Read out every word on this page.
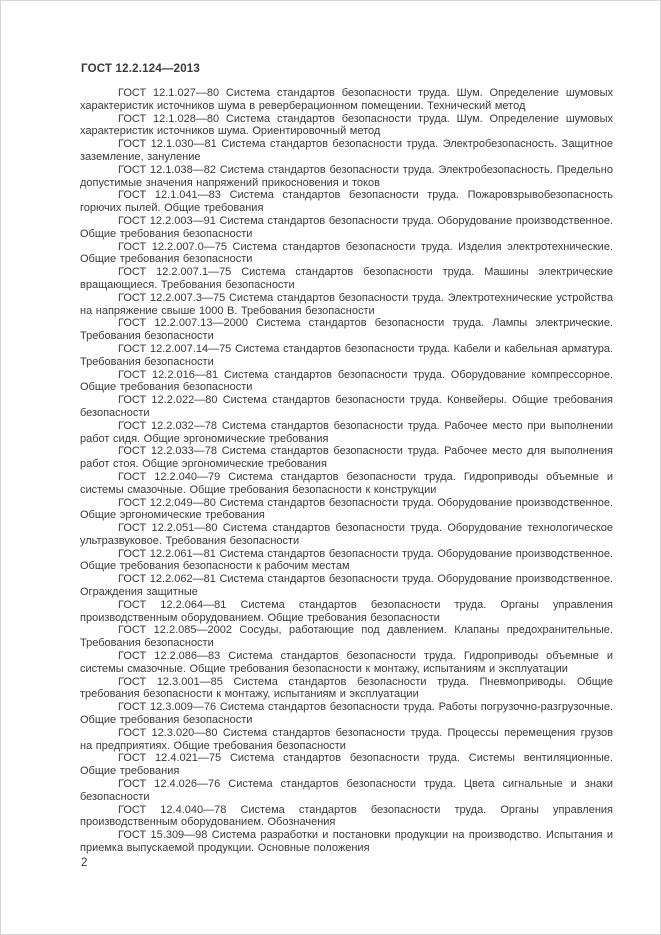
ГОСТ 12.2.124—2013

ГОСТ 12.1.027—80 Система стандартов безопасности труда. Шум. Определение шумовых характеристик источников шума в реверберационном помещении. Технический метод

ГОСТ 12.1.028—80 Система стандартов безопасности труда. Шум. Определение шумовых характеристик источников шума. Ориентировочный метод

ГОСТ 12.1.030—81 Система стандартов безопасности труда. Электробезопасность. Защитное заземление, зануление

ГОСТ 12.1.038—82 Система стандартов безопасности труда. Электробезопасность. Предельно допустимые значения напряжений прикосновения и токов

ГОСТ 12.1.041—83 Система стандартов безопасности труда. Пожаровзрывобезопасность горючих пылей. Общие требования

ГОСТ 12.2.003—91 Система стандартов безопасности труда. Оборудование производственное. Общие требования безопасности

ГОСТ 12.2.007.0—75 Система стандартов безопасности труда. Изделия электротехнические. Общие требования безопасности

ГОСТ 12.2.007.1—75 Система стандартов безопасности труда. Машины электрические вращающиеся. Требования безопасности

ГОСТ 12.2.007.3—75 Система стандартов безопасности труда. Электротехнические устройства на напряжение свыше 1000 В. Требования безопасности

ГОСТ 12.2.007.13—2000 Система стандартов безопасности труда. Лампы электрические. Требования безопасности

ГОСТ 12.2.007.14—75 Система стандартов безопасности труда. Кабели и кабельная арматура. Требования безопасности

ГОСТ 12.2.016—81 Система стандартов безопасности труда. Оборудование компрессорное. Общие требования безопасности

ГОСТ 12.2.022—80 Система стандартов безопасности труда. Конвейеры. Общие требования безопасности

ГОСТ 12.2.032—78 Система стандартов безопасности труда. Рабочее место при выполнении работ сидя. Общие эргономические требования

ГОСТ 12.2.033—78 Система стандартов безопасности труда. Рабочее место для выполнения работ стоя. Общие эргономические требования

ГОСТ 12.2.040—79 Система стандартов безопасности труда. Гидроприводы объемные и системы смазочные. Общие требования безопасности к конструкции

ГОСТ 12.2.049—80 Система стандартов безопасности труда. Оборудование производственное. Общие эргономические требования

ГОСТ 12.2.051—80 Система стандартов безопасности труда. Оборудование технологическое ультразвуковое. Требования безопасности

ГОСТ 12.2.061—81 Система стандартов безопасности труда. Оборудование производственное. Общие требования безопасности к рабочим местам

ГОСТ 12.2.062—81 Система стандартов безопасности труда. Оборудование производственное. Ограждения защитные

ГОСТ 12.2.064—81 Система стандартов безопасности труда. Органы управления производственным оборудованием. Общие требования безопасности

ГОСТ 12.2.085—2002 Сосуды, работающие под давлением. Клапаны предохранительные. Требования безопасности

ГОСТ 12.2.086—83 Система стандартов безопасности труда. Гидроприводы объемные и системы смазочные. Общие требования безопасности к монтажу, испытаниям и эксплуатации

ГОСТ 12.3.001—85 Система стандартов безопасности труда. Пневмоприводы. Общие требования безопасности к монтажу, испытаниям и эксплуатации

ГОСТ 12.3.009—76 Система стандартов безопасности труда. Работы погрузочно-разгрузочные. Общие требования безопасности

ГОСТ 12.3.020—80 Система стандартов безопасности труда. Процессы перемещения грузов на предприятиях. Общие требования безопасности

ГОСТ 12.4.021—75 Система стандартов безопасности труда. Системы вентиляционные. Общие требования

ГОСТ 12.4.026—76 Система стандартов безопасности труда. Цвета сигнальные и знаки безопасности

ГОСТ 12.4.040—78 Система стандартов безопасности труда. Органы управления производственным оборудованием. Обозначения

ГОСТ 15.309—98 Система разработки и постановки продукции на производство. Испытания и приемка выпускаемой продукции. Основные положения

2
